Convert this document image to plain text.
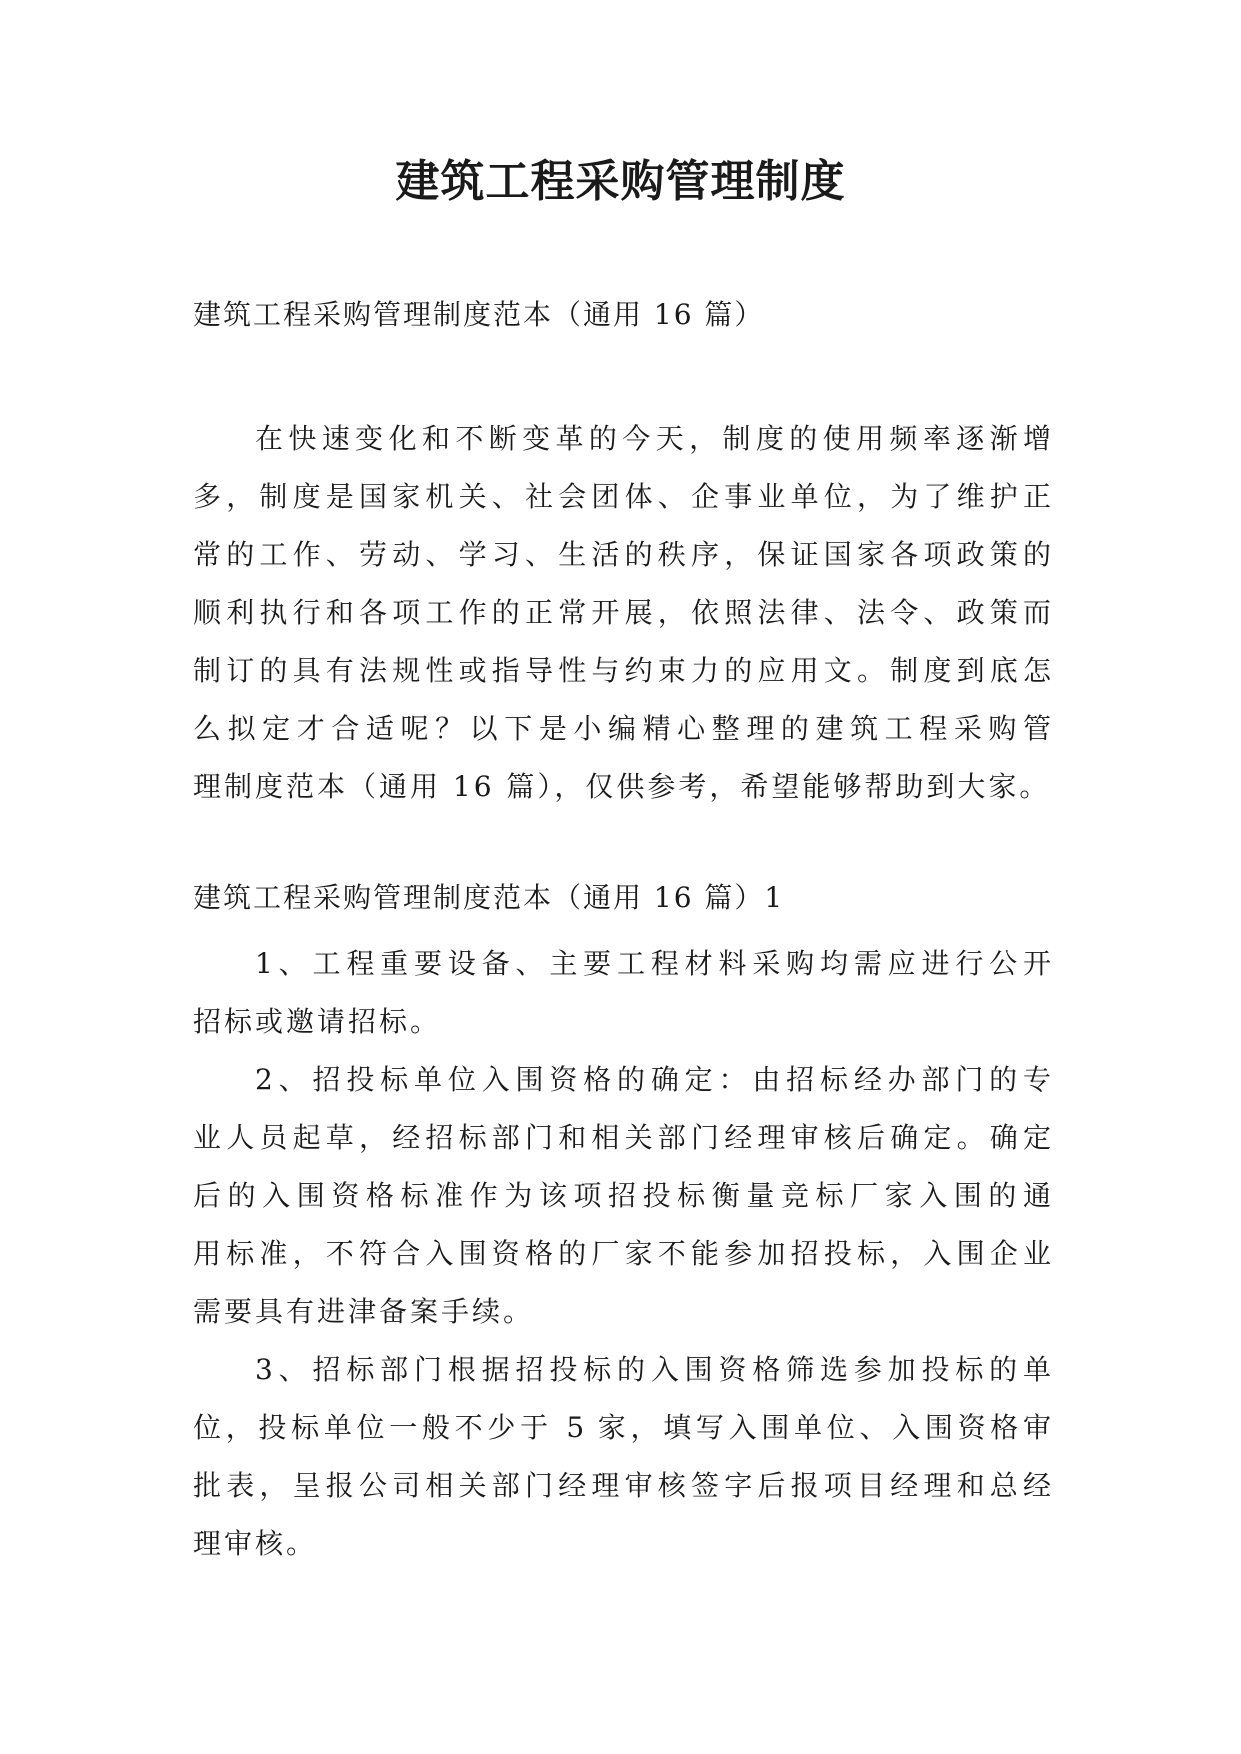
建筑工程采购管理制度

建筑工程采购管理制度范本（通用 16 篇）

在快速变化和不断变革的今天，制度的使用频率逐渐增
多，制度是国家机关、社会团体、企事业单位，为了维护正
常的工作、劳动、学习、生活的秩序，保证国家各项政策的
顺利执行和各项工作的正常开展，依照法律、法令、政策而
制订的具有法规性或指导性与约束力的应用文。制度到底怎
么拟定才合适呢？以下是小编精心整理的建筑工程采购管
理制度范本（通用 16 篇），仅供参考，希望能够帮助到大家。

建筑工程采购管理制度范本（通用 16 篇）1

1、工程重要设备、主要工程材料采购均需应进行公开
招标或邀请招标。
2、招投标单位入围资格的确定：由招标经办部门的专
业人员起草，经招标部门和相关部门经理审核后确定。确定
后的入围资格标准作为该项招投标衡量竞标厂家入围的通
用标准，不符合入围资格的厂家不能参加招投标，入围企业
需要具有进津备案手续。
3、招标部门根据招投标的入围资格筛选参加投标的单
位，投标单位一般不少于 5 家，填写入围单位、入围资格审
批表，呈报公司相关部门经理审核签字后报项目经理和总经
理审核。
